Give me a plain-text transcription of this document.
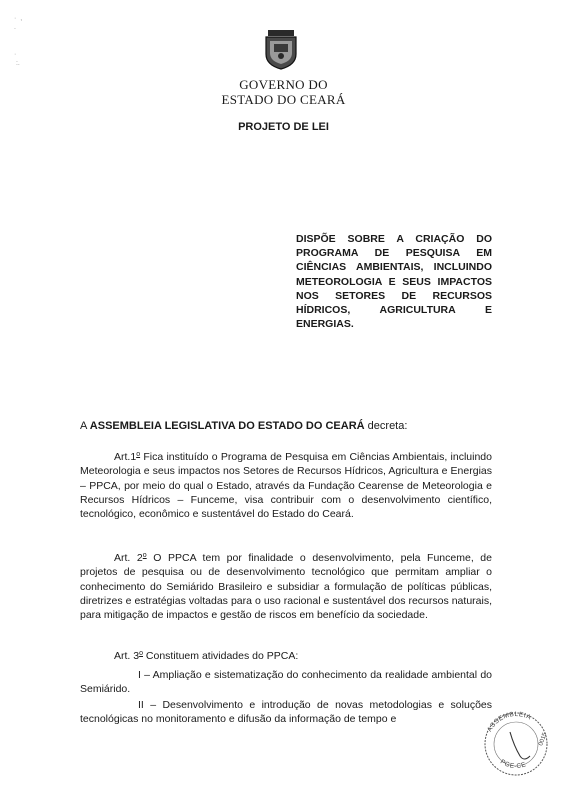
·  ,
.

·
:.
GOVERNO DO
ESTADO DO CEARÁ
PROJETO DE LEI
DISPÕE SOBRE A CRIAÇÃO DO PROGRAMA DE PESQUISA EM CIÊNCIAS AMBIENTAIS, INCLUINDO METEOROLOGIA E SEUS IMPACTOS NOS SETORES DE RECURSOS HÍDRICOS, AGRICULTURA E ENERGIAS.
A ASSEMBLEIA LEGISLATIVA DO ESTADO DO CEARÁ decreta:
Art.1$^o$ Fica instituído o Programa de Pesquisa em Ciências Ambientais, incluindo Meteorologia e seus impactos nos Setores de Recursos Hídricos, Agricultura e Energias – PPCA, por meio do qual o Estado, através da Fundação Cearense de Meteorologia e Recursos Hídricos – Funceme, visa contribuir com o desenvolvimento científico, tecnológico, econômico e sustentável do Estado do Ceará.
Art. 2$^o$ O PPCA tem por finalidade o desenvolvimento, pela Funceme, de projetos de pesquisa ou de desenvolvimento tecnológico que permitam ampliar o conhecimento do Semiárido Brasileiro e subsidiar a formulação de políticas públicas, diretrizes e estratégias voltadas para o uso racional e sustentável dos recursos naturais, para mitigação de impactos e gestão de riscos em benefício da sociedade.
Art. 3$^o$ Constituem atividades do PPCA:
I – Ampliação e sistematização do conhecimento da realidade ambiental do Semiárido.
II – Desenvolvimento e introdução de novas metodologias e soluções tecnológicas no monitoramento e difusão da informação de tempo e
ASSEMBLEIA
PGE-CE
0015
